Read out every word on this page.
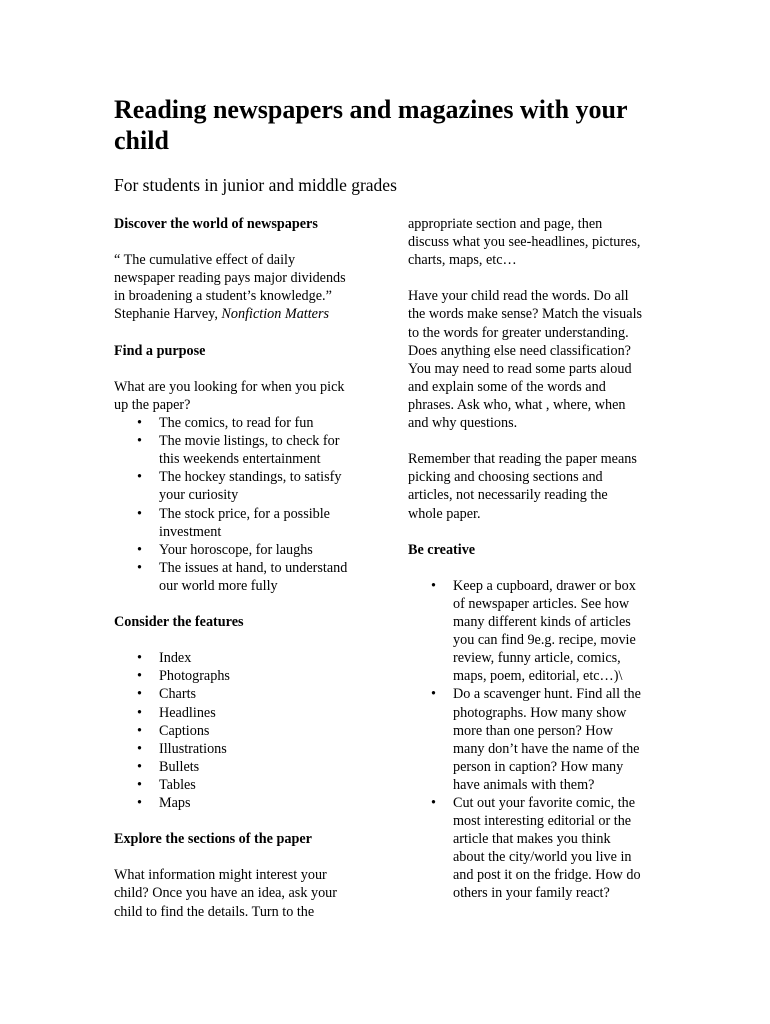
Reading newspapers and magazines with your child

For students in junior and middle grades

Discover the world of newspapers

“ The cumulative effect of daily
newspaper reading pays major dividends
in broadening a student’s knowledge.”
Stephanie Harvey, Nonfiction Matters

Find a purpose

What are you looking for when you pick
up the paper?

• The comics, to read for fun
• The movie listings, to check for
this weekends entertainment
• The hockey standings, to satisfy
your curiosity
• The stock price, for a possible
investment
• Your horoscope, for laughs
• The issues at hand, to understand
our world more fully
Consider the features
• Index
• Photographs
• Charts
• Headlines
• Captions
• Illustrations
• Bullets
• Tables
• Maps
Explore the sections of the paper

What information might interest your
child? Once you have an idea, ask your
child to find the details. Turn to the

appropriate section and page, then
discuss what you see-headlines, pictures,
charts, maps, etc…

Have your child read the words. Do all
the words make sense? Match the visuals
to the words for greater understanding.
Does anything else need classification?
You may need to read some parts aloud
and explain some of the words and
phrases. Ask who, what , where, when
and why questions.

Remember that reading the paper means
picking and choosing sections and
articles, not necessarily reading the
whole paper.

Be creative
• Keep a cupboard, drawer or box
of newspaper articles. See how
many different kinds of articles
you can find 9e.g. recipe, movie
review, funny article, comics,
maps, poem, editorial, etc…)\
• Do a scavenger hunt. Find all the
photographs. How many show
more than one person? How
many don’t have the name of the
person in caption? How many
have animals with them?
• Cut out your favorite comic, the
most interesting editorial or the
article that makes you think
about the city/world you live in
and post it on the fridge. How do
others in your family react?
